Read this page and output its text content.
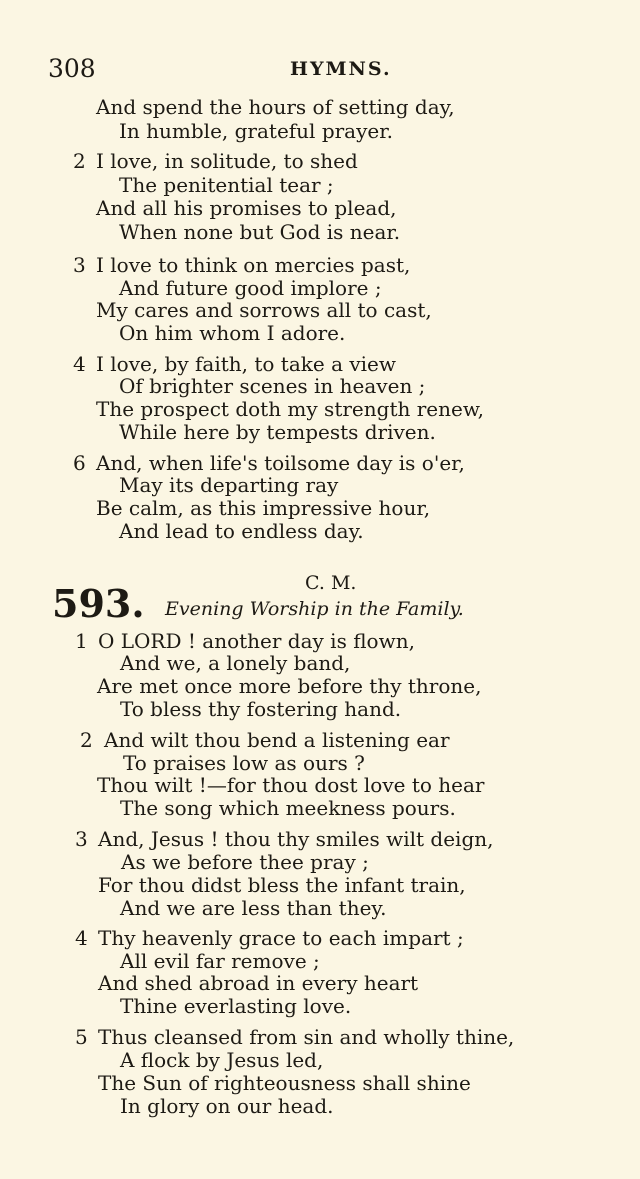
308	HYMNS.
And spend the hours of setting day,
In humble, grateful prayer.
2 I love, in solitude, to shed
The penitential tear ;
And all his promises to plead,
When none but God is near.
3 I love to think on mercies past,
And future good implore ;
My cares and sorrows all to cast,
On him whom I adore.
4 I love, by faith, to take a view
Of brighter scenes in heaven ;
The prospect doth my strength renew,
While here by tempests driven.
6 And, when life's toilsome day is o'er,
May its departing ray
Be calm, as this impressive hour,
And lead to endless day.
C. M.
593. Evening Worship in the Family.
1 O LORD ! another day is flown,
And we, a lonely band,
Are met once more before thy throne,
To bless thy fostering hand.
2 And wilt thou bend a listening ear
To praises low as ours ?
Thou wilt !—for thou dost love to hear
The song which meekness pours.
3 And, Jesus ! thou thy smiles wilt deign,
As we before thee pray ;
For thou didst bless the infant train,
And we are less than they.
4 Thy heavenly grace to each impart ;
All evil far remove ;
And shed abroad in every heart
Thine everlasting love.
5 Thus cleansed from sin and wholly thine,
A flock by Jesus led,
The Sun of righteousness shall shine
In glory on our head.
